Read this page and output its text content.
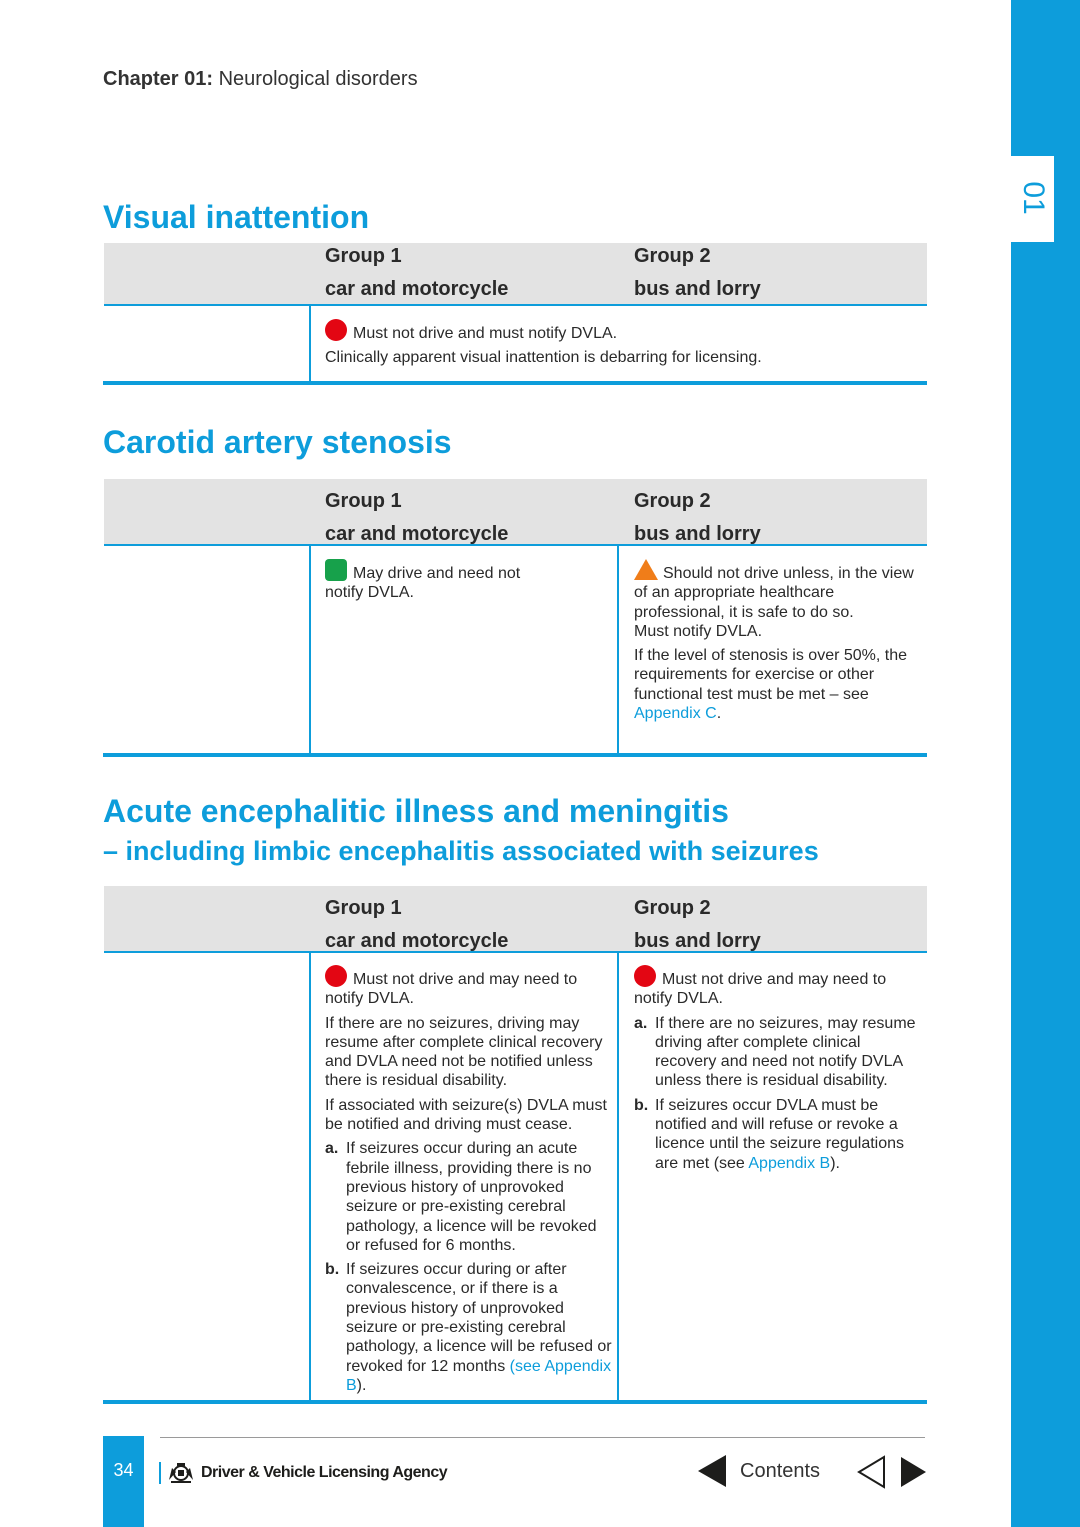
01
Chapter 01: Neurological disorders
Visual inattention
Group 1
car and motorcycle
Group 2
bus and lorry

Must not drive and must notify DVLA.

Clinically apparent visual inattention is debarring for licensing.

Carotid artery stenosis
Group 1
car and motorcycle
Group 2
bus and lorry

May drive and need not notify DVLA.

Should not drive unless, in the view of an appropriate healthcare professional, it is safe to do so.
Must notify DVLA.

If the level of stenosis is over 50%, the requirements for exercise or other functional test must be met – see Appendix C.

Acute encephalitic illness and meningitis
– including limbic encephalitis associated with seizures
Group 1
car and motorcycle
Group 2
bus and lorry

Must not drive and may need to notify DVLA.

If there are no seizures, driving may resume after complete clinical recovery and DVLA need not be notified unless there is residual disability.

If associated with seizure(s) DVLA must be notified and driving must cease.

a. If seizures occur during an acute febrile illness, providing there is no previous history of unprovoked seizure or pre-existing cerebral pathology, a licence will be revoked or refused for 6 months.
b. If seizures occur during or after convalescence, or if there is a previous history of unprovoked seizure or pre-existing cerebral pathology, a licence will be refused or revoked for 12 months (see Appendix B).

Must not drive and may need to notify DVLA.

a. If there are no seizures, may resume driving after complete clinical recovery and need not notify DVLA unless there is residual disability.
b. If seizures occur DVLA must be notified and will refuse or revoke a licence until the seizure regulations are met (see Appendix B).
34	Driver & Vehicle Licensing Agency	Contents
